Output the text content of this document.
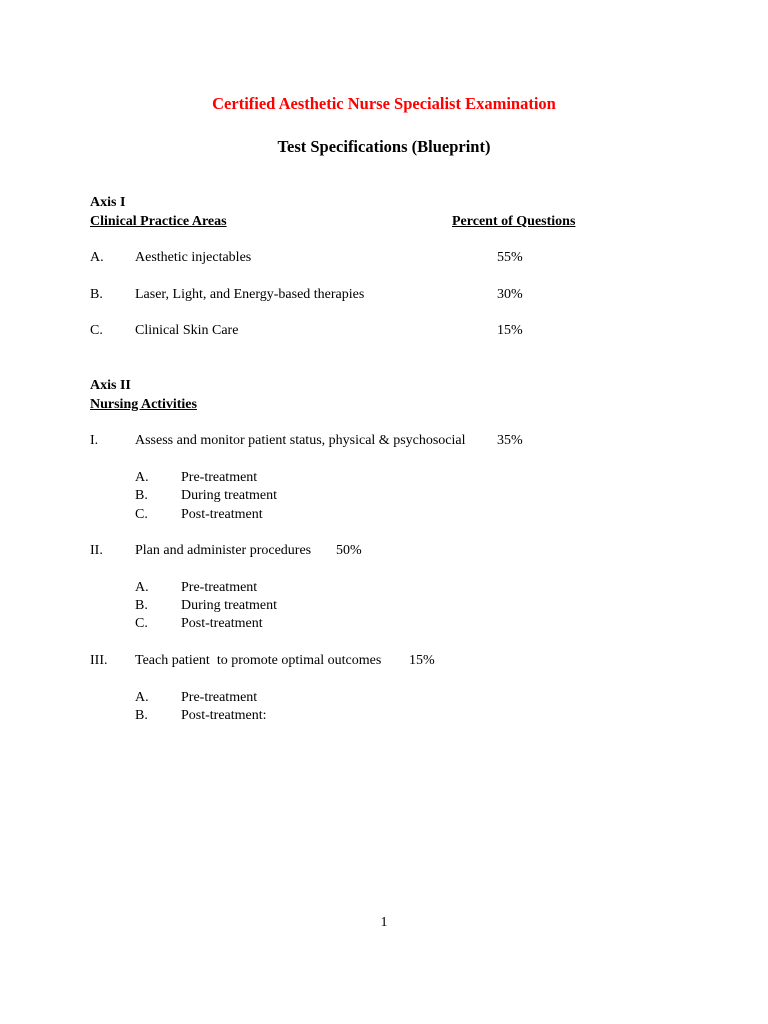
Certified Aesthetic Nurse Specialist Examination
Test Specifications (Blueprint)
Axis I
Clinical Practice Areas	Percent of Questions
A. Aesthetic injectables	55%
B. Laser, Light, and Energy-based therapies	30%
C. Clinical Skin Care	15%
Axis II
Nursing Activities
I.	Assess and monitor patient status, physical & psychosocial 35%
A. Pre-treatment
B. During treatment
C. Post-treatment
II. Plan and administer procedures 50%
A. Pre-treatment
B. During treatment
C. Post-treatment
III. Teach patient  to promote optimal outcomes 15%
A. Pre-treatment
B. Post-treatment:
1
